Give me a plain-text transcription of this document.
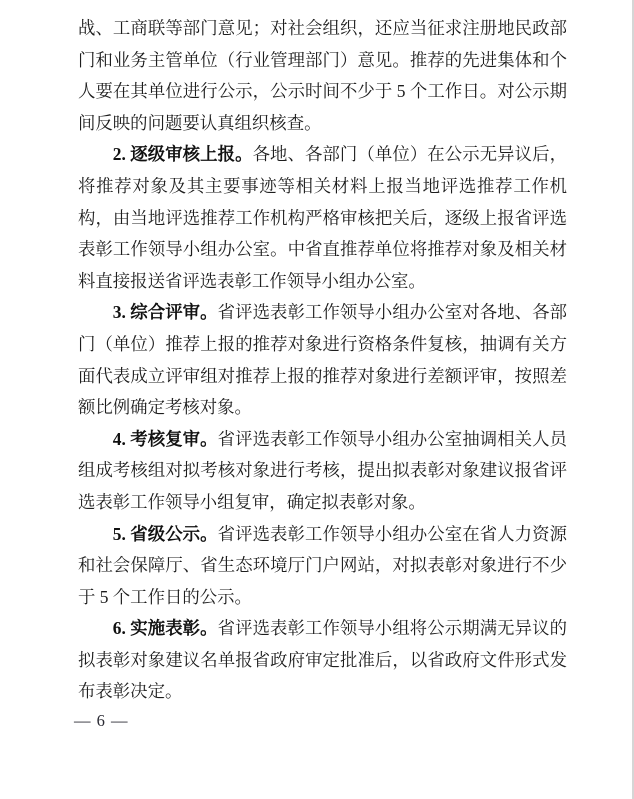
战、工商联等部门意见；对社会组织，还应当征求注册地民政部门和业务主管单位（行业管理部门）意见。推荐的先进集体和个人要在其单位进行公示，公示时间不少于 5 个工作日。对公示期间反映的问题要认真组织核查。

2. 逐级审核上报。各地、各部门（单位）在公示无异议后，将推荐对象及其主要事迹等相关材料上报当地评选推荐工作机构，由当地评选推荐工作机构严格审核把关后，逐级上报省评选表彰工作领导小组办公室。中省直推荐单位将推荐对象及相关材料直接报送省评选表彰工作领导小组办公室。

3. 综合评审。省评选表彰工作领导小组办公室对各地、各部门（单位）推荐上报的推荐对象进行资格条件复核，抽调有关方面代表成立评审组对推荐上报的推荐对象进行差额评审，按照差额比例确定考核对象。

4. 考核复审。省评选表彰工作领导小组办公室抽调相关人员组成考核组对拟考核对象进行考核，提出拟表彰对象建议报省评选表彰工作领导小组复审，确定拟表彰对象。

5. 省级公示。省评选表彰工作领导小组办公室在省人力资源和社会保障厅、省生态环境厅门户网站，对拟表彰对象进行不少于 5 个工作日的公示。

6. 实施表彰。省评选表彰工作领导小组将公示期满无异议的拟表彰对象建议名单报省政府审定批准后，以省政府文件形式发布表彰决定。

— 6 —
